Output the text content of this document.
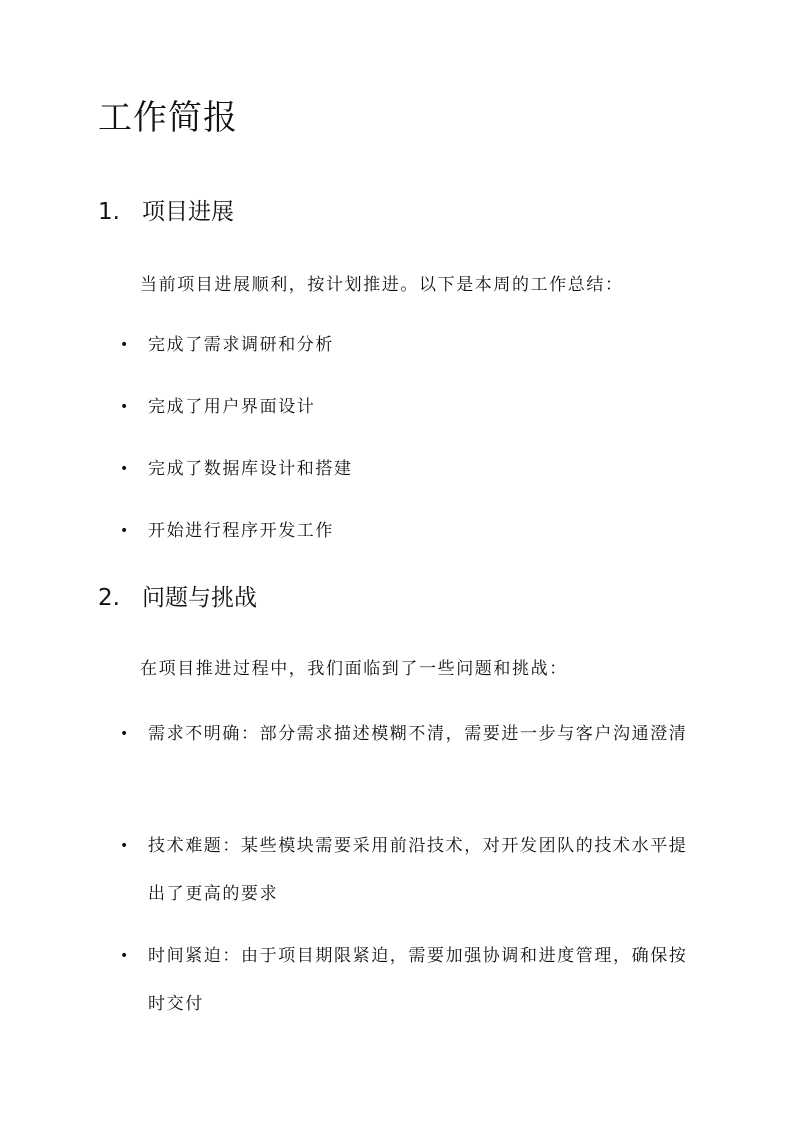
工作简报
1. 项目进展

当前项目进展顺利，按计划推进。以下是本周的工作总结：

•	完成了需求调研和分析
•	完成了用户界面设计
•	完成了数据库设计和搭建
•	开始进行程序开发工作
2. 问题与挑战

在项目推进过程中，我们面临到了一些问题和挑战：

•	需求不明确：部分需求描述模糊不清，需要进一步与客户沟通澄清
•	技术难题：某些模块需要采用前沿技术，对开发团队的技术水平提出了更高的要求
•	时间紧迫：由于项目期限紧迫，需要加强协调和进度管理，确保按时交付
